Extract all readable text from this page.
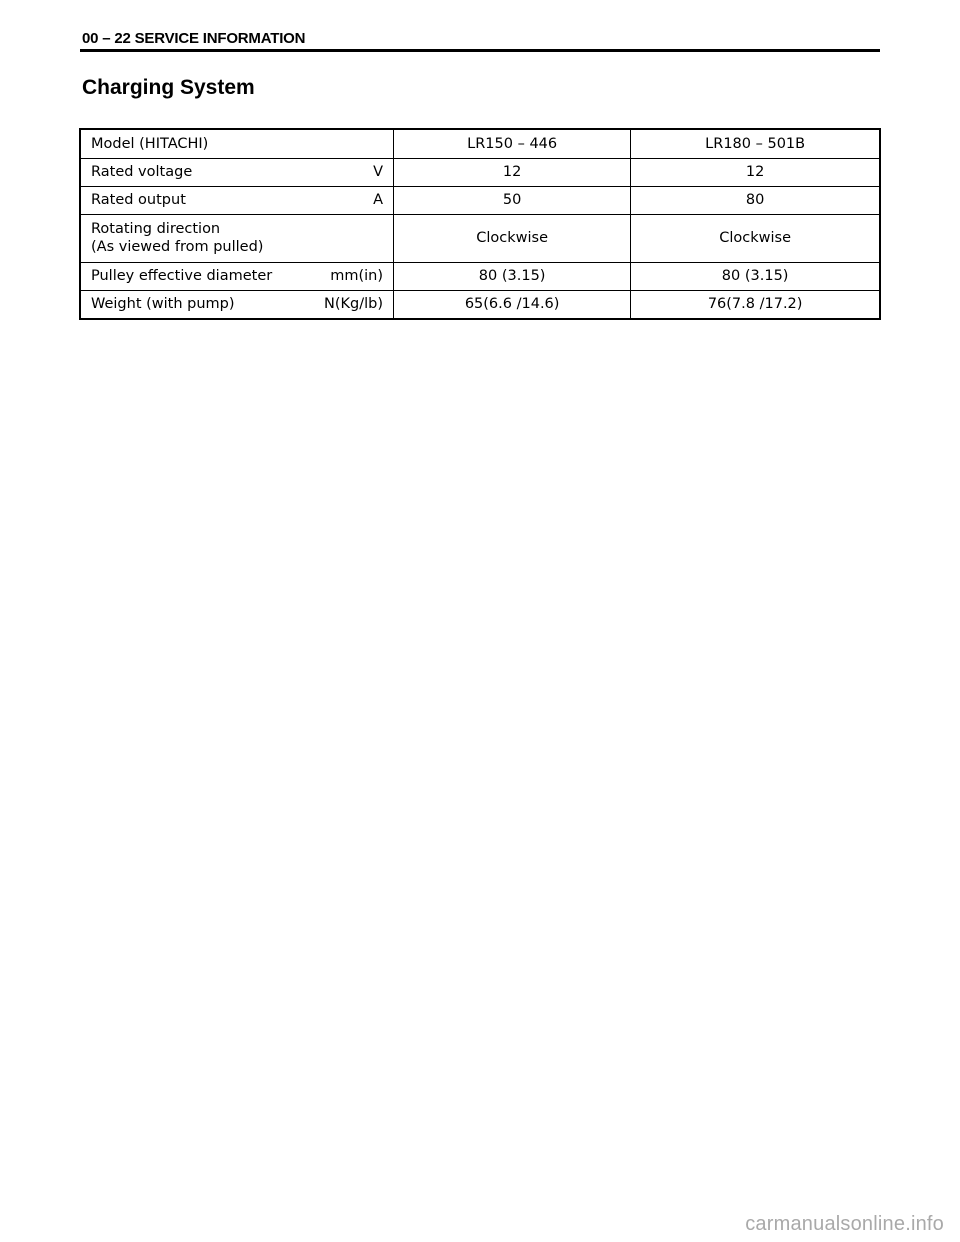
00 – 22 SERVICE INFORMATION
Charging System
Model (HITACHI)	LR150 – 446	LR180 – 501B

Rated voltage V	12	12

Rated output A	50	80

Rotating direction
(As viewed from pulled)	Clockwise	Clockwise

Pulley effective diameter mm(in)	80 (3.15)	80 (3.15)

Weight (with pump) N(Kg/lb)	65(6.6 /14.6)	76(7.8 /17.2)
carmanualsonline.info
